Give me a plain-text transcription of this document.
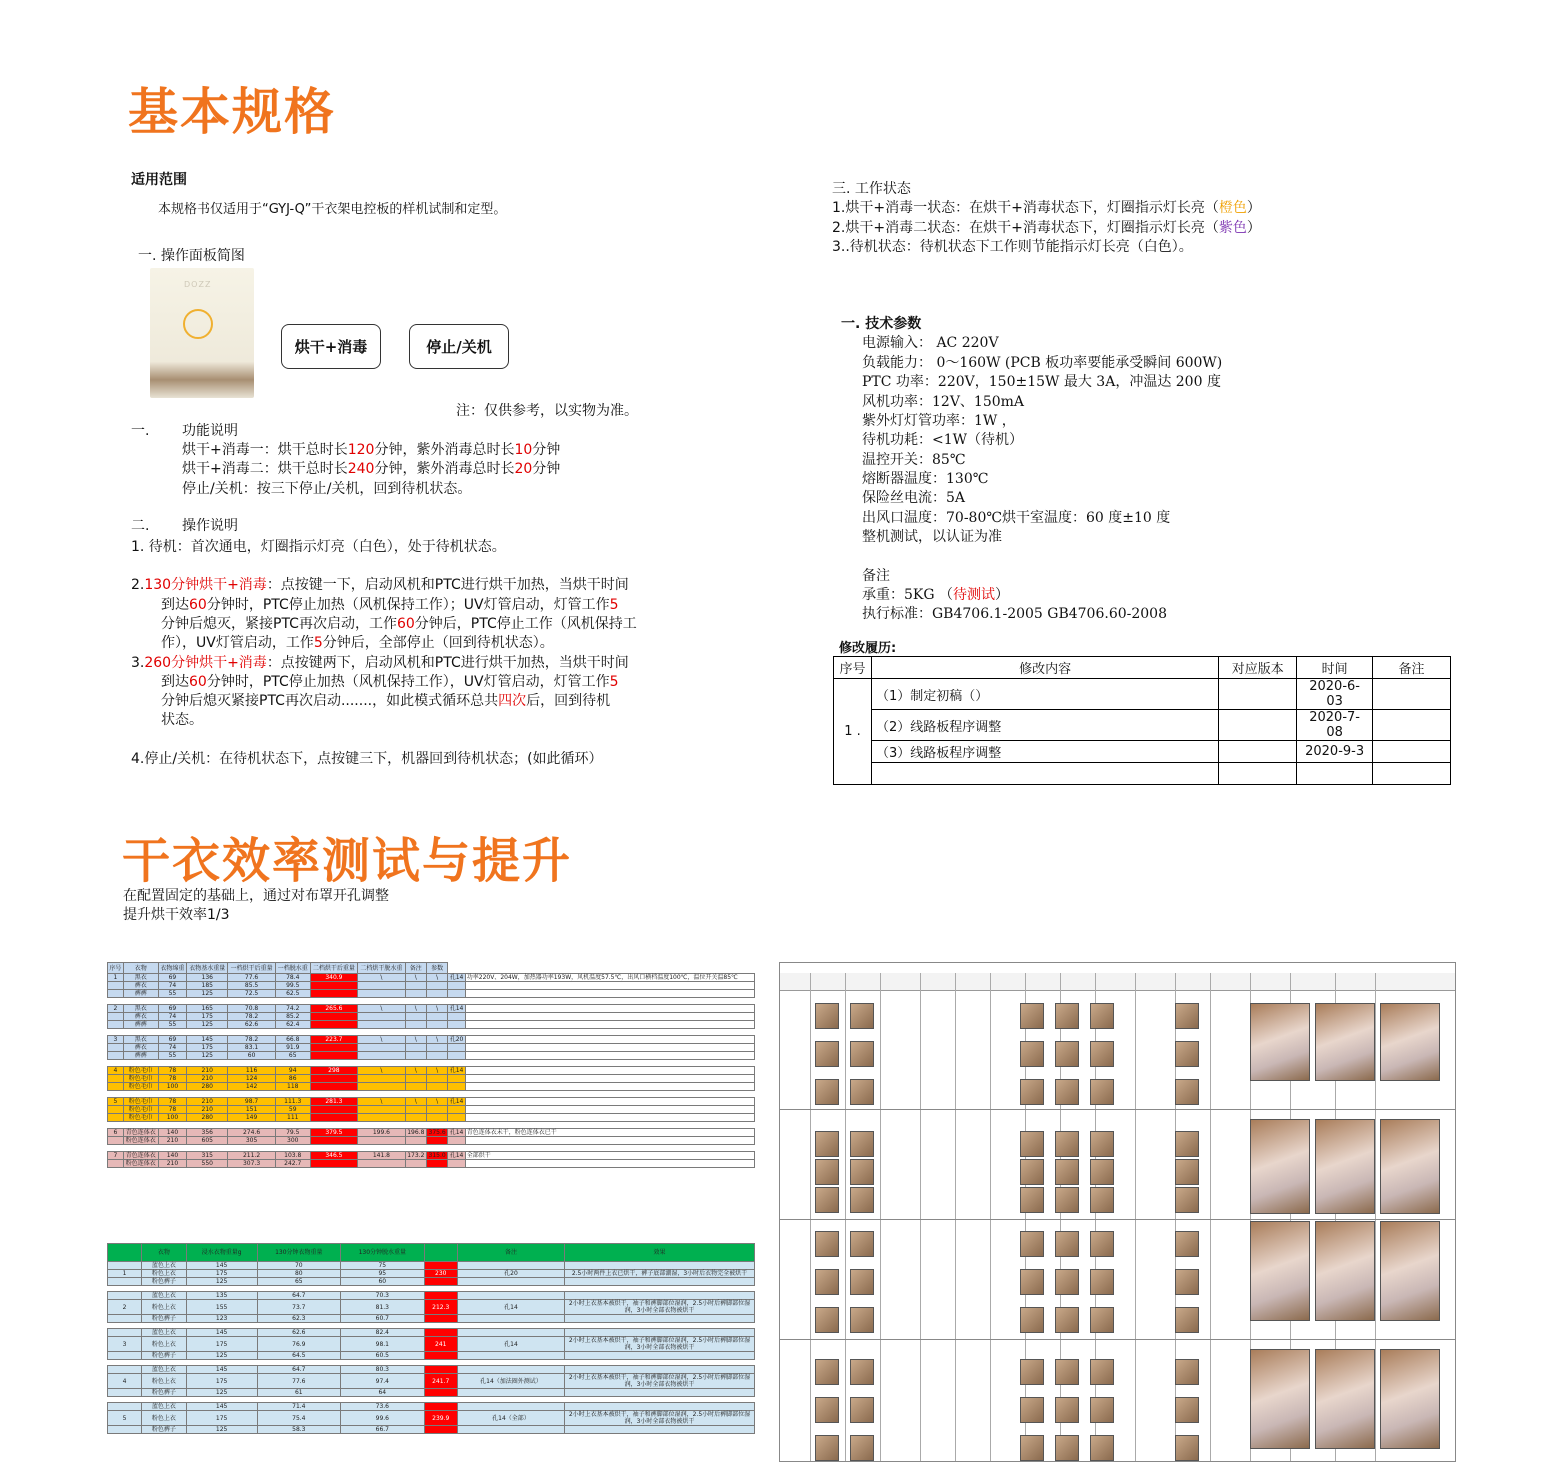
基本规格
适用范围
本规格书仅适用于“GYJ-Q”干衣架电控板的样机试制和定型。
一. 操作面板简图
DOZZ
烘干+消毒	停止/关机
注：仅供参考，以实物为准。
一. 功能说明
烘干+消毒一：烘干总时长120分钟，紫外消毒总时长10分钟
烘干+消毒二：烘干总时长240分钟，紫外消毒总时长20分钟
停止/关机：按三下停止/关机，回到待机状态。
二. 操作说明
1. 待机：首次通电，灯圈指示灯亮（白色），处于待机状态。
2.130分钟烘干+消毒：点按键一下，启动风机和PTC进行烘干加热，当烘干时间
到达60分钟时，PTC停止加热（风机保持工作）；UV灯管启动，灯管工作5
分钟后熄灭，紧接PTC再次启动，工作60分钟后，PTC停止工作（风机保持工
作），UV灯管启动，工作5分钟后，全部停止（回到待机状态）。
3.260分钟烘干+消毒：点按键两下，启动风机和PTC进行烘干加热，当烘干时间
到达60分钟时，PTC停止加热（风机保持工作），UV灯管启动，灯管工作5
分钟后熄灭紧接PTC再次启动.......，如此模式循环总共四次后，回到待机
状态。
4.停止/关机：在待机状态下，点按键三下，机器回到待机状态；(如此循环）
三. 工作状态
1.烘干+消毒一状态：在烘干+消毒状态下，灯圈指示灯长亮（橙色）
2.烘干+消毒二状态：在烘干+消毒状态下，灯圈指示灯长亮（紫色）
3..待机状态：待机状态下工作则节能指示灯长亮（白色）。
一. 技术参数
电源输入： AC 220V
负载能力： 0～160W (PCB 板功率要能承受瞬间 600W)
PTC 功率：220V，150±15W 最大 3A，冲温达 200 度
风机功率：12V、150mA
紫外灯灯管功率：1W ，
待机功耗：<1W（待机）
温控开关：85℃
熔断器温度：130℃
保险丝电流：5A
出风口温度：70-80℃烘干室温度：60 度±10 度
整机测试，以认证为准
备注
承重：5KG （待测试）
执行标准：GB4706.1-2005 GB4706.60-2008
修改履历:
序号	修改内容	对应版本	时间	备注
1 .	（1）制定初稿（）		2020-6-03	
	（2）线路板程序调整		2020-7-08	
	（3）线路板程序调整		2020-9-3	

干衣效率测试与提升
在配置固定的基础上，通过对布罩开孔调整
提升烘干效率1/3
序号	衣物	衣物绵重	衣物基水重量	一档烘干后重量	一档脱水重	二档烘干后重量	二档烘干脱水重	备注	参数		
1	黑衣	69	136	77.6	78.4	340.9	\	\	\	孔14	功率220V、204W，加热器功率193W，风机温度57.5℃，出风口横档温度100℃，温位开关温85℃
	裤衣	74	185	85.5	99.5						
	裤裤	55	125	72.5	62.5						

2	黑衣	69	165	70.8	74.2	265.6	\	\	\	孔14	
	裤衣	74	175	78.2	85.2						
	裤裤	55	125	62.6	62.4						

3	黑衣	69	145	78.2	66.8	223.7	\	\	\	孔20	
	裤衣	74	175	83.1	91.9						
	裤裤	55	125	60	65						

4	粉色毛巾	78	210	116	94	298	\	\	\	孔14	
	粉色毛巾	78	210	124	86						
	粉色毛巾	100	280	142	118						

5	粉色毛巾	78	210	98.7	111.3	281.3	\	\	\	孔14	
	粉色毛巾	78	210	151	59						
	粉色毛巾	100	280	149	111						

6	青色连体衣	140	356	274.6	79.5	379.5	199.6	196.8	375.6	孔14	青色连体衣未干，粉色连体衣已干
	粉色连体衣	210	605	305	300						

7	青色连体衣	140	315	211.2	103.8	346.5	141.8	173.2	315.0	孔14	全部烘干
	粉色连体衣	210	550	307.3	242.7						

	衣物	浸水衣物重量g	130分钟衣物重量	130分钟脱水重量		备注	效果
	蓝色上衣	145	70	75			
1	粉色上衣	175	80	95	230	孔20	2.5小时两件上衣已烘干，裤子底部潮湿，3小时后衣物完全被烘干
	粉色裤子	125	65	60			

	蓝色上衣	135	64.7	70.3			
2	粉色上衣	155	73.7	81.3	212.3	孔14	2小时上衣基本被烘干，袖子和裤脚部位湿润，2.5小时后裤脚部位湿润，3小时全部衣物被烘干
	粉色裤子	123	62.3	60.7			

	蓝色上衣	145	62.6	82.4			
3	粉色上衣	175	76.9	98.1	241	孔14	2小时上衣基本被烘干，袖子和裤脚部位湿润，2.5小时后裤脚部位湿润，3小时全部衣物被烘干
	粉色裤子	125	64.5	60.5			

	蓝色上衣	145	64.7	80.3			
4	粉色上衣	175	77.6	97.4	241.7	孔14（加法圈外测试）	2小时上衣基本被烘干，袖子和裤脚部位湿润，2.5小时后裤脚部位湿润，3小时全部衣物被烘干
	粉色裤子	125	61	64			

	蓝色上衣	145	71.4	73.6			
5	粉色上衣	175	75.4	99.6	239.9	孔14（全部）	2小时上衣基本被烘干，袖子和裤脚部位湿润，2.5小时后裤脚部位湿润，3小时全部衣物被烘干
	粉色裤子	125	58.3	66.7			
